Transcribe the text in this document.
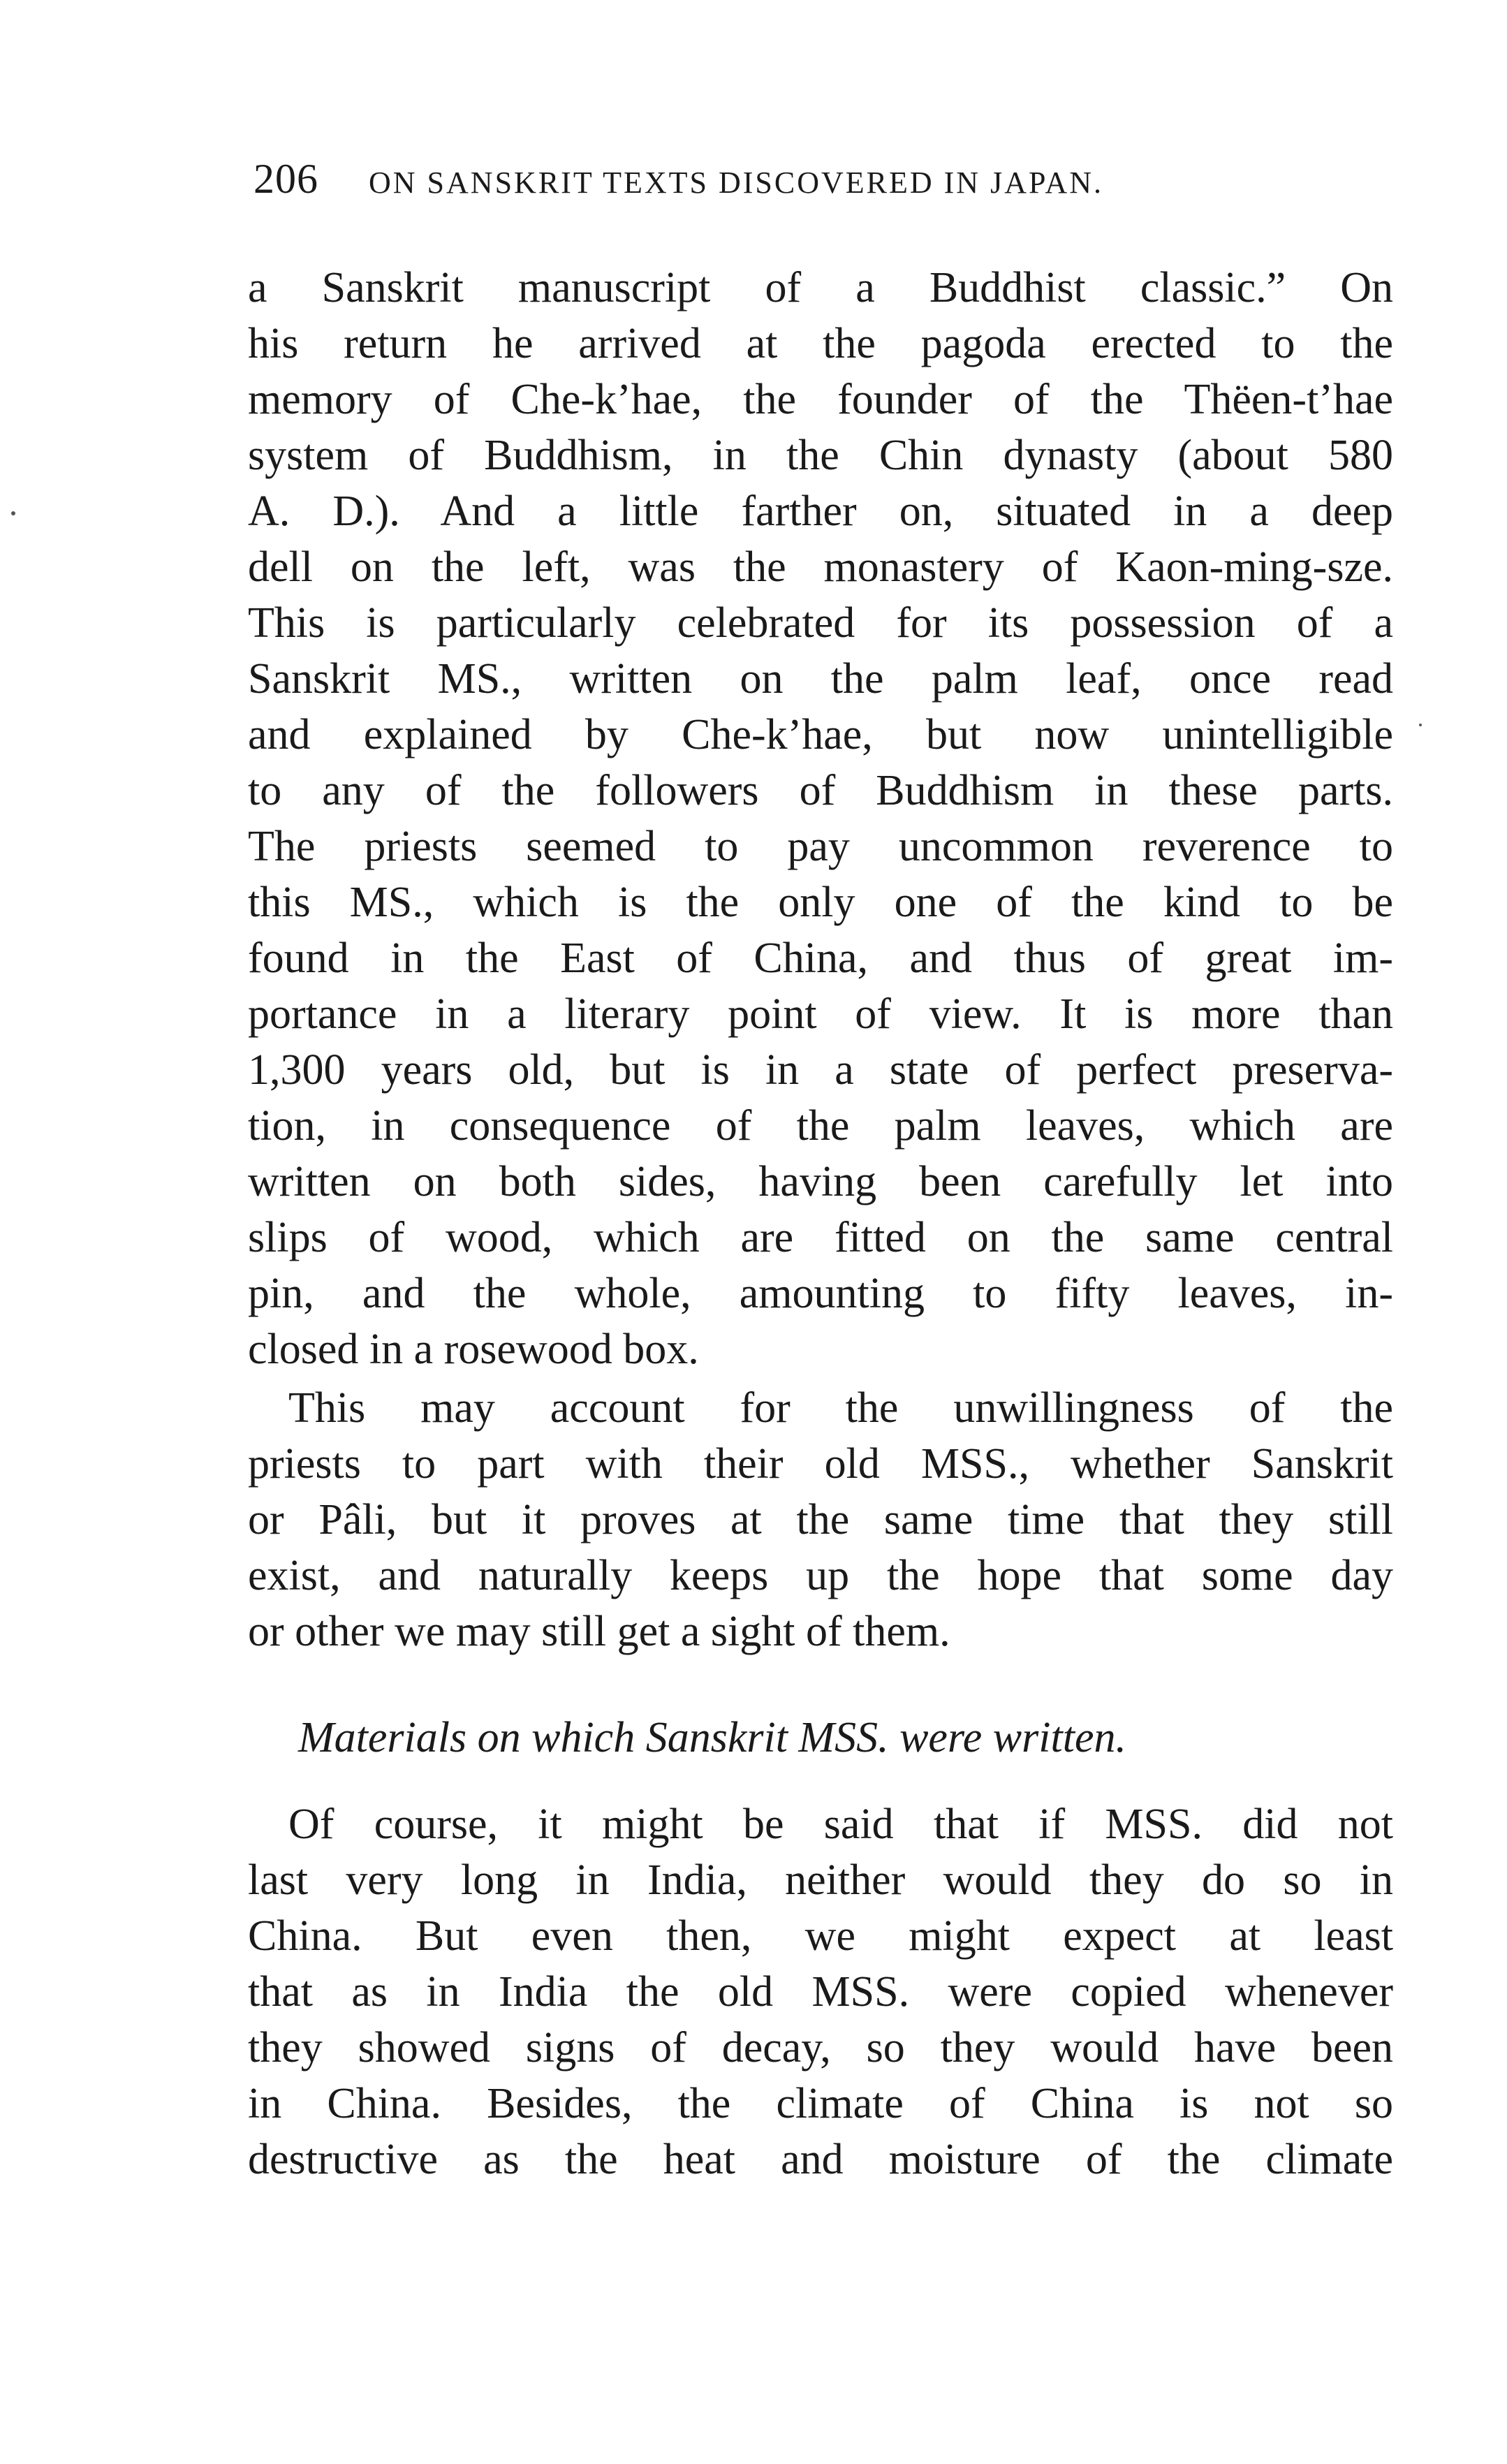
206 ON SANSKRIT TEXTS DISCOVERED IN JAPAN.
a Sanskrit manuscript of a Buddhist classic.” On
his return he arrived at the pagoda erected to the
memory of Che-k’hae, the founder of the Thëen-t’hae
system of Buddhism, in the Chin dynasty (about 580
A. D.). And a little farther on, situated in a deep
dell on the left, was the monastery of Kaon-ming-sze.
This is particularly celebrated for its possession of a
Sanskrit MS., written on the palm leaf, once read
and explained by Che-k’hae, but now unintelligible
to any of the followers of Buddhism in these parts.
The priests seemed to pay uncommon reverence to
this MS., which is the only one of the kind to be
found in the East of China, and thus of great im-
portance in a literary point of view. It is more than
1,300 years old, but is in a state of perfect preserva-
tion, in consequence of the palm leaves, which are
written on both sides, having been carefully let into
slips of wood, which are fitted on the same central
pin, and the whole, amounting to fifty leaves, in-
closed in a rosewood box.
This may account for the unwillingness of the
priests to part with their old MSS., whether Sanskrit
or Pâli, but it proves at the same time that they still
exist, and naturally keeps up the hope that some day
or other we may still get a sight of them.
Materials on which Sanskrit MSS. were written.
Of course, it might be said that if MSS. did not
last very long in India, neither would they do so in
China. But even then, we might expect at least
that as in India the old MSS. were copied whenever
they showed signs of decay, so they would have been
in China. Besides, the climate of China is not so
destructive as the heat and moisture of the climate
